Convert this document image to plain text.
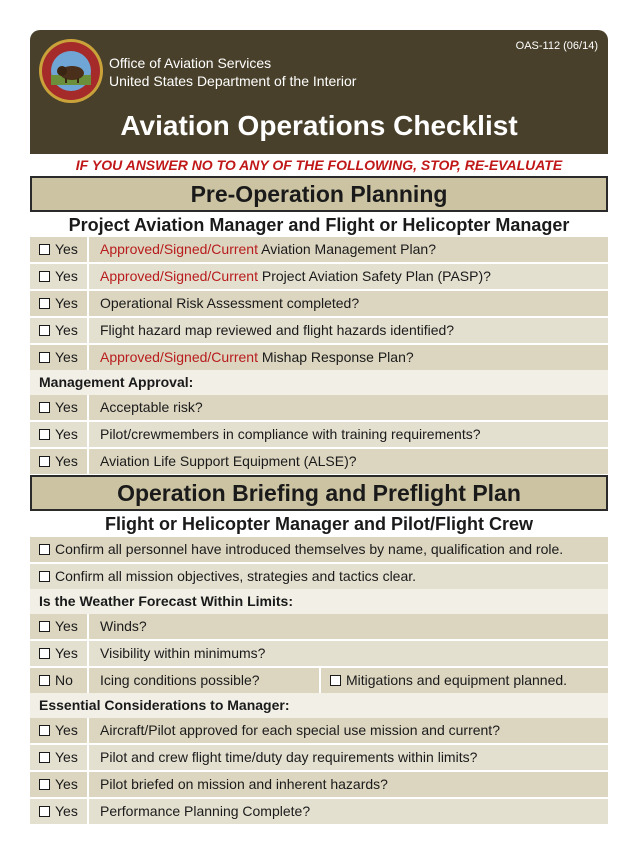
OAS-112 (06/14)
Office of Aviation Services
United States Department of the Interior
Aviation Operations Checklist
IF YOU ANSWER NO TO ANY OF THE FOLLOWING, STOP, RE-EVALUATE
Pre-Operation Planning
Project Aviation Manager and Flight or Helicopter Manager
Yes	Approved/Signed/Current Aviation Management Plan?
Yes	Approved/Signed/Current Project Aviation Safety Plan (PASP)?
Yes	Operational Risk Assessment completed?
Yes	Flight hazard map reviewed and flight hazards identified?
Yes	Approved/Signed/Current Mishap Response Plan?
Management Approval:
Yes	Acceptable risk?
Yes	Pilot/crewmembers in compliance with training requirements?
Yes	Aviation Life Support Equipment (ALSE)?
Operation Briefing and Preflight Plan
Flight or Helicopter Manager and Pilot/Flight Crew
Confirm all personnel have introduced themselves by name, qualification and role.
Confirm all mission objectives, strategies and tactics clear.
Is the Weather Forecast Within Limits:
Yes	Winds?
Yes	Visibility within minimums?
No	Icing conditions possible?	Mitigations and equipment planned.
Essential Considerations to Manager:
Yes	Aircraft/Pilot approved for each special use mission and current?
Yes	Pilot and crew flight time/duty day requirements within limits?
Yes	Pilot briefed on mission and inherent hazards?
Yes	Performance Planning Complete?
